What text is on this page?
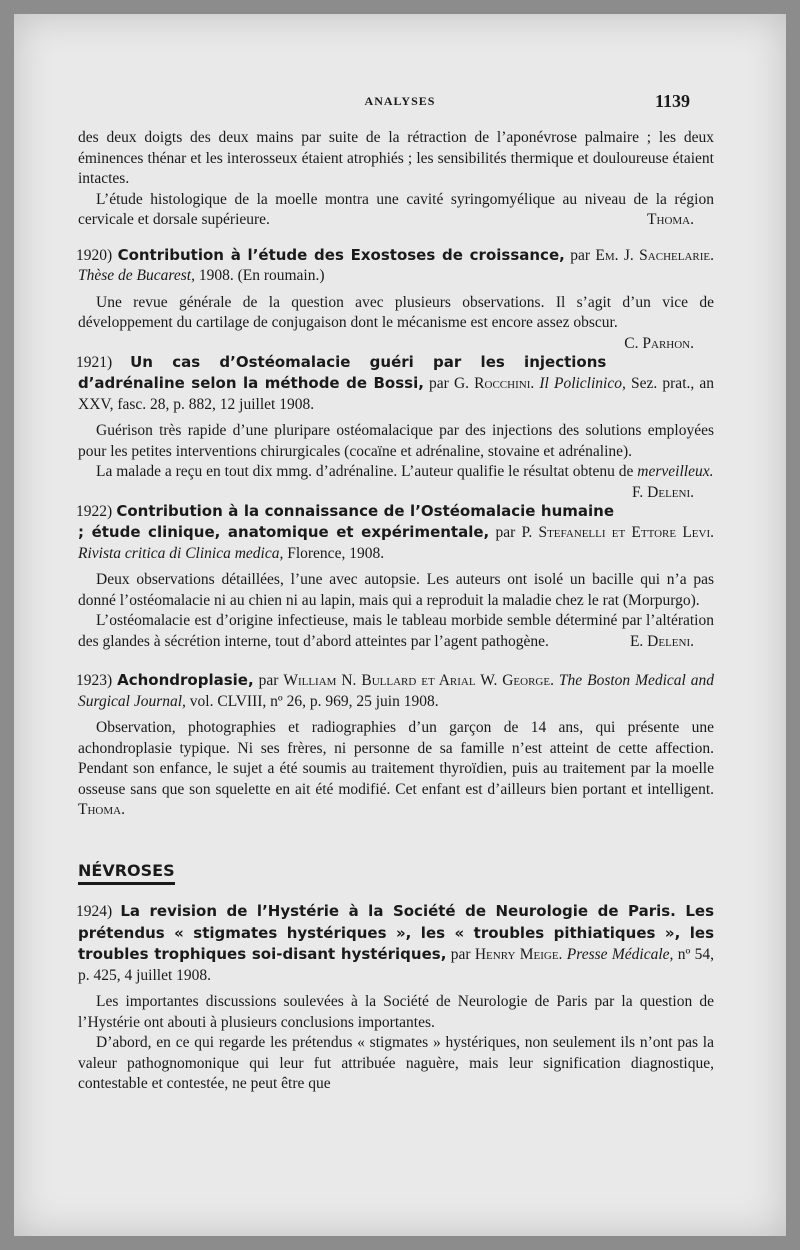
ANALYSES	1139

des deux doigts des deux mains par suite de la rétraction de l’aponévrose palmaire ; les deux éminences thénar et les interosseux étaient atrophiés ; les sensibilités thermique et douloureuse étaient intactes.

L’étude histologique de la moelle montra une cavité syringomyélique au niveau de la région cervicale et dorsale supérieure.	Thoma.

1920) Contribution à l’étude des Exostoses de croissance, par Em. J. Sachelarie. Thèse de Bucarest, 1908. (En roumain.)

Une revue générale de la question avec plusieurs observations. Il s’agit d’un vice de développement du cartilage de conjugaison dont le mécanisme est encore assez obscur.
C. Parhon.

1921) Un cas d’Ostéomalacie guéri par les injections d’adrénaline selon la méthode de Bossi, par G. Rocchini. Il Policlinico, Sez. prat., an XXV, fasc. 28, p. 882, 12 juillet 1908.

Guérison très rapide d’une pluripare ostéomalacique par des injections des solutions employées pour les petites interventions chirurgicales (cocaïne et adrénaline, stovaine et adrénaline).

La malade a reçu en tout dix mmg. d’adrénaline. L’auteur qualifie le résultat obtenu de merveilleux.
F. Deleni.

1922) Contribution à la connaissance de l’Ostéomalacie humaine ; étude clinique, anatomique et expérimentale, par P. Stefanelli et Ettore Levi. Rivista critica di Clinica medica, Florence, 1908.

Deux observations détaillées, l’une avec autopsie. Les auteurs ont isolé un bacille qui n’a pas donné l’ostéomalacie ni au chien ni au lapin, mais qui a reproduit la maladie chez le rat (Morpurgo).

L’ostéomalacie est d’origine infectieuse, mais le tableau morbide semble déterminé par l’altération des glandes à sécrétion interne, tout d’abord atteintes par l’agent pathogène.	E. Deleni.

1923) Achondroplasie, par William N. Bullard et Arial W. George. The Boston Medical and Surgical Journal, vol. CLVIII, nº 26, p. 969, 25 juin 1908.

Observation, photographies et radiographies d’un garçon de 14 ans, qui présente une achondroplasie typique. Ni ses frères, ni personne de sa famille n’est atteint de cette affection. Pendant son enfance, le sujet a été soumis au traitement thyroïdien, puis au traitement par la moelle osseuse sans que son squelette en ait été modifié. Cet enfant est d’ailleurs bien portant et intelligent. Thoma.

NÉVROSES

1924) La revision de l’Hystérie à la Société de Neurologie de Paris. Les prétendus « stigmates hystériques », les « troubles pithiatiques », les troubles trophiques soi-disant hystériques, par Henry Meige. Presse Médicale, nº 54, p. 425, 4 juillet 1908.

Les importantes discussions soulevées à la Société de Neurologie de Paris par la question de l’Hystérie ont abouti à plusieurs conclusions importantes.

D’abord, en ce qui regarde les prétendus « stigmates » hystériques, non seulement ils n’ont pas la valeur pathognomonique qui leur fut attribuée naguère, mais leur signification diagnostique, contestable et contestée, ne peut être que
